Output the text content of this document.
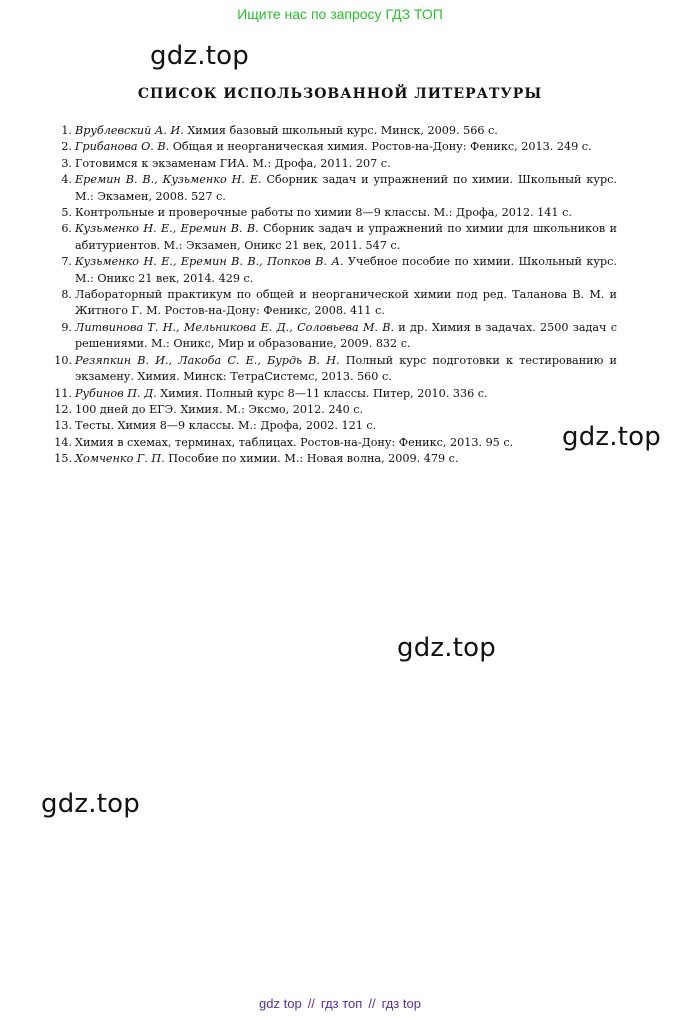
Ищите нас по запросу ГДЗ ТОП
gdz.top
gdz.top
gdz.top
gdz.top
СПИСОК ИСПОЛЬЗОВАННОЙ ЛИТЕРАТУРЫ
1. Врублевский А. И. Химия базовый школьный курс. Минск, 2009. 566 с.
2. Грибанова О. В. Общая и неорганическая химия. Ростов-на-Дону: Феникс, 2013. 249 с.
3. Готовимся к экзаменам ГИА. М.: Дрофа, 2011. 207 с.
4. Еремин В. В., Кузьменко Н. Е. Сборник задач и упражнений по химии. Школьный курс. М.: Экзамен, 2008. 527 с.
5. Контрольные и проверочные работы по химии 8—9 классы. М.: Дрофа, 2012. 141 с.
6. Кузьменко Н. Е., Еремин В. В. Сборник задач и упражнений по химии для школьников и абитуриентов. М.: Экзамен, Оникс 21 век, 2011. 547 с.
7. Кузьменко Н. Е., Еремин В. В., Попков В. А. Учебное пособие по химии. Школьный курс. М.: Оникс 21 век, 2014. 429 с.
8. Лабораторный практикум по общей и неорганической химии под ред. Таланова В. М. и Житного Г. М. Ростов-на-Дону: Феникс, 2008. 411 с.
9. Литвинова Т. Н., Мельникова Е. Д., Соловьева М. В. и др. Химия в задачах. 2500 задач с решениями. М.: Оникс, Мир и образование, 2009. 832 с.
10. Резяпкин В. И., Лакоба С. Е., Бурдь В. Н. Полный курс подготовки к тестированию и экзамену. Химия. Минск: ТетраСистемс, 2013. 560 с.
11. Рубинов П. Д. Химия. Полный курс 8—11 классы. Питер, 2010. 336 с.
12. 100 дней до ЕГЭ. Химия. М.: Эксмо, 2012. 240 с.
13. Тесты. Химия 8—9 классы. М.: Дрофа, 2002. 121 с.
14. Химия в схемах, терминах, таблицах. Ростов-на-Дону: Феникс, 2013. 95 с.
15. Хомченко Г. П. Пособие по химии. М.: Новая волна, 2009. 479 с.
gdz top // гдз топ // гдз top
